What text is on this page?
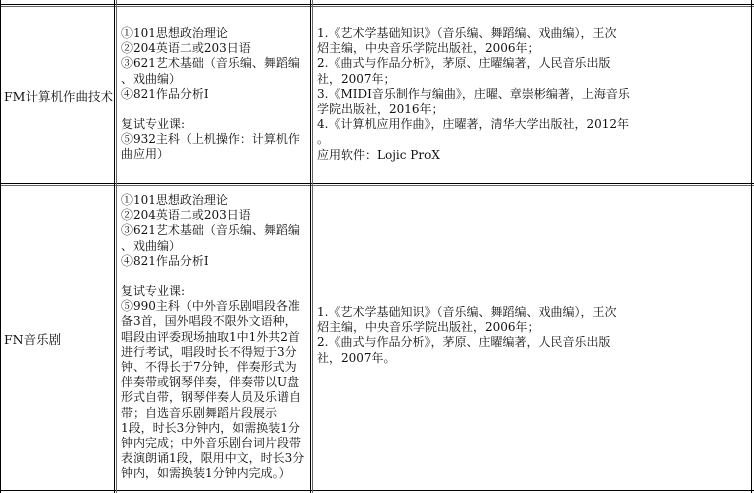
FM计算机作曲技术
①101思想政治理论
②204英语二或203日语
③621艺术基础（音乐编、舞蹈编
、戏曲编）
④821作品分析Ⅰ
复试专业课:
⑤932主科（上机操作：计算机作
曲应用）
1.《艺术学基础知识》（音乐编、舞蹈编、戏曲编），王次
炤主编，中央音乐学院出版社，2006年；
2.《曲式与作品分析》，茅原、庄曜编著，人民音乐出版
社，2007年；
3.《MIDI音乐制作与编曲》，庄曜、章崇彬编著，上海音乐
学院出版社，2016年；
4.《计算机应用作曲》，庄曜著，清华大学出版社，2012年
。
应用软件：Lojic ProX
FN音乐剧
①101思想政治理论
②204英语二或203日语
③621艺术基础（音乐编、舞蹈编
、戏曲编）
④821作品分析Ⅰ
复试专业课:
⑤990主科（中外音乐剧唱段各准
备3首，国外唱段不限外文语种，
唱段由评委现场抽取1中1外共2首
进行考试，唱段时长不得短于3分
钟、不得长于7分钟，伴奏形式为
伴奏带或钢琴伴奏，伴奏带以U盘
形式自带，钢琴伴奏人员及乐谱自
带；自选音乐剧舞蹈片段展示
1段，时长3分钟内，如需换装1分
钟内完成；中外音乐剧台词片段带
表演朗诵1段，限用中文，时长3分
钟内，如需换装1分钟内完成。）
1.《艺术学基础知识》（音乐编、舞蹈编、戏曲编），王次
炤主编，中央音乐学院出版社，2006年；
2.《曲式与作品分析》，茅原、庄曜编著，人民音乐出版
社，2007年。
